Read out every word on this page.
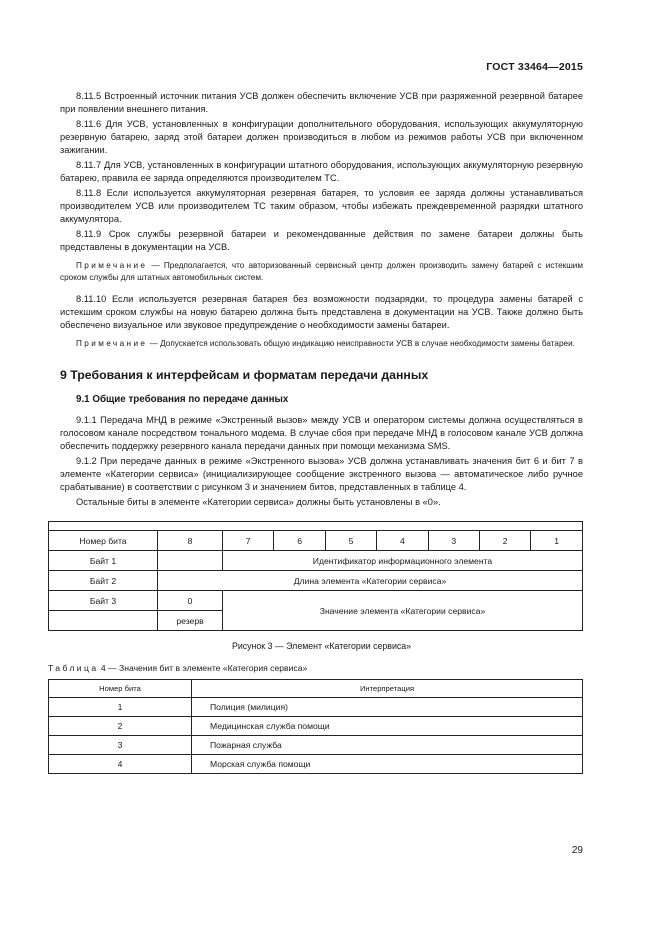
ГОСТ 33464—2015

8.11.5 Встроенный источник питания УСВ должен обеспечить включение УСВ при разряженной резервной батарее при появлении внешнего питания.

8.11.6 Для УСВ, установленных в конфигурации дополнительного оборудования, использующих аккумуляторную резервную батарею, заряд этой батареи должен производиться в любом из режимов работы УСВ при включенном зажигании.

8.11.7 Для УСВ, установленных в конфигурации штатного оборудования, использующих аккумуляторную резервную батарею, правила ее заряда определяются производителем ТС.

8.11.8 Если используется аккумуляторная резервная батарея, то условия ее заряда должны устанавливаться производителем УСВ или производителем ТС таким образом, чтобы избежать преждевременной разрядки штатного аккумулятора.

8.11.9 Срок службы резервной батареи и рекомендованные действия по замене батареи должны быть представлены в документации на УСВ.

Примечание — Предполагается, что авторизованный сервисный центр должен производить замену батарей с истекшим сроком службы для штатных автомобильных систем.

8.11.10 Если используется резервная батарея без возможности подзарядки, то процедура замены батарей с истекшим сроком службы на новую батарею должна быть представлена в документации на УСВ. Также должно быть обеспечено визуальное или звуковое предупреждение о необходимости замены батареи.

Примечание — Допускается использовать общую индикацию неисправности УСВ в случае необходимости замены батареи.
9 Требования к интерфейсам и форматам передачи данных
9.1 Общие требования по передаче данных

9.1.1 Передача МНД в режиме «Экстренный вызов» между УСВ и оператором системы должна осуществляться в голосовом канале посредством тонального модема. В случае сбоя при передаче МНД в голосовом канале УСВ должна обеспечить поддержку резервного канала передачи данных при помощи механизма SMS.

9.1.2 При передаче данных в режиме «Экстренного вызова» УСВ должна устанавливать значения бит 6 и бит 7 в элементе «Категории сервиса» (инициализирующее сообщение экстренного вызова — автоматическое либо ручное срабатывание) в соответствии с рисунком 3 и значением битов, представленных в таблице 4.

Остальные биты в элементе «Категории сервиса» должны быть установлены в «0».

Номер бита	8	7	6	5	4	3	2	1
Байт 1		Идентификатор информационного элемента						
Байт 2	Длина элемента «Категории сервиса»							
Байт 3	0	Значение элемента «Категории сервиса»						
	резерв							
Рисунок 3 — Элемент «Категории сервиса»
Таблица 4 — Значения бит в элементе «Категория сервиса»
Номер бита	Интерпретация
1	Полиция (милиция)
2	Медицинская служба помощи
3	Пожарная служба
4	Морская служба помощи
29
